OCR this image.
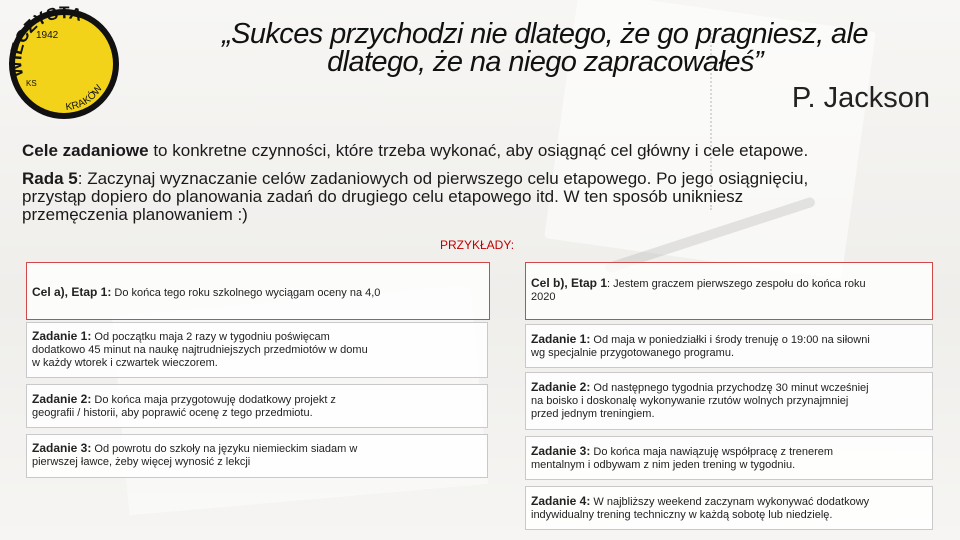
1942
KS
WIECZYSTA
KRAKÓW
„Sukces przychodzi nie dlatego, że go pragniesz, ale
dlatego, że na niego zapracowałeś”
P. Jackson
Cele zadaniowe to konkretne czynności, które trzeba wykonać, aby osiągnąć cel główny i cele etapowe.
Rada 5: Zaczynaj wyznaczanie celów zadaniowych od pierwszego celu etapowego. Po jego osiągnięciu,
przystąp dopiero do planowania zadań do drugiego celu etapowego itd. W ten sposób unikniesz
przemęczenia planowaniem :)
PRZYKŁADY:
Cel a), Etap 1: Do końca tego roku szkolnego wyciągam oceny na 4,0
Zadanie 1: Od początku maja 2 razy w tygodniu poświęcam
dodatkowo 45 minut na naukę najtrudniejszych przedmiotów w domu
w każdy wtorek i czwartek wieczorem.
Zadanie 2: Do końca maja przygotowuję dodatkowy projekt z
geografii / historii, aby poprawić ocenę z tego przedmiotu.
Zadanie 3: Od powrotu do szkoły na języku niemieckim siadam w
pierwszej ławce, żeby więcej wynosić z lekcji
Cel b), Etap 1: Jestem graczem pierwszego zespołu do końca roku
2020
Zadanie 1: Od maja w poniedziałki i środy trenuję o 19:00 na siłowni
wg specjalnie przygotowanego programu.
Zadanie 2: Od następnego tygodnia przychodzę 30 minut wcześniej
na boisko i doskonalę wykonywanie rzutów wolnych przynajmniej
przed jednym treningiem.
Zadanie 3: Do końca maja nawiązuję współpracę z trenerem
mentalnym i odbywam z nim jeden trening w tygodniu.
Zadanie 4: W najbliższy weekend zaczynam wykonywać dodatkowy
indywidualny trening techniczny w każdą sobotę lub niedzielę.
